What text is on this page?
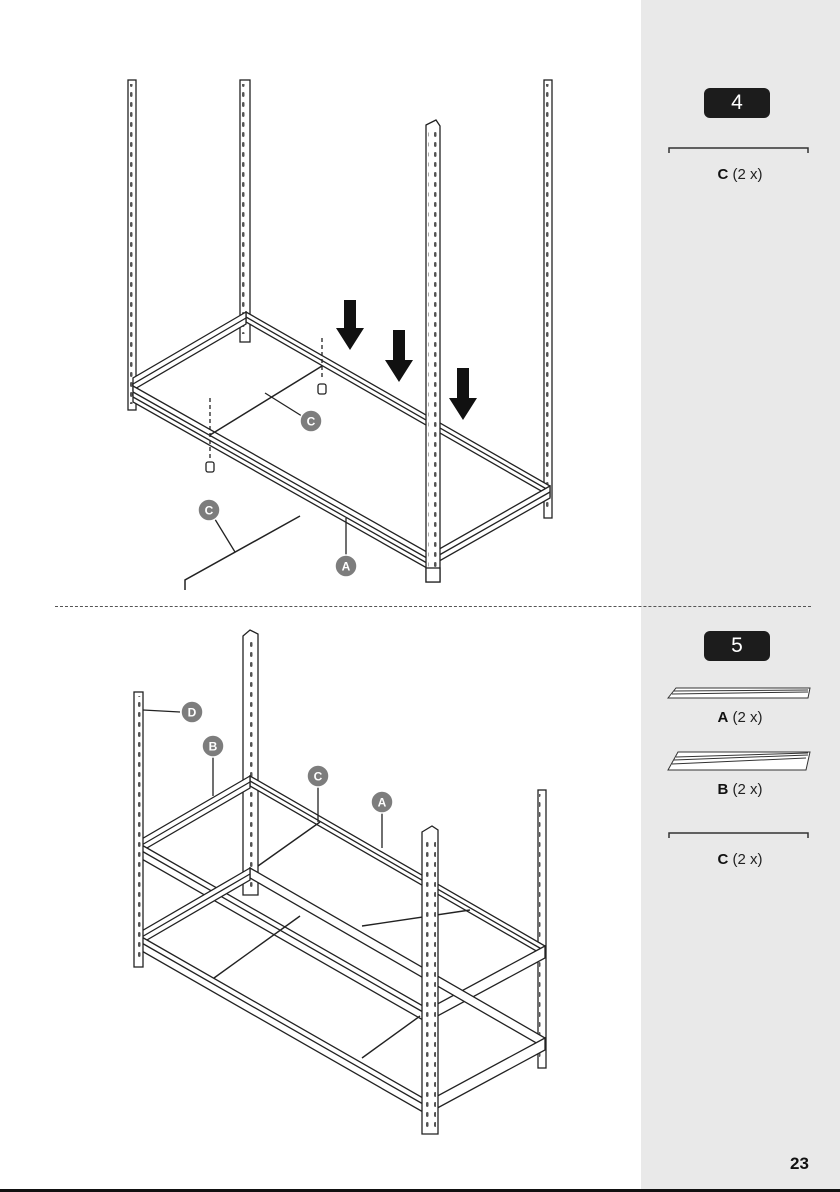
C
C
A
D
B
C
A
4
C (2 x)
5
A (2 x)
B (2 x)
C (2 x)
23
